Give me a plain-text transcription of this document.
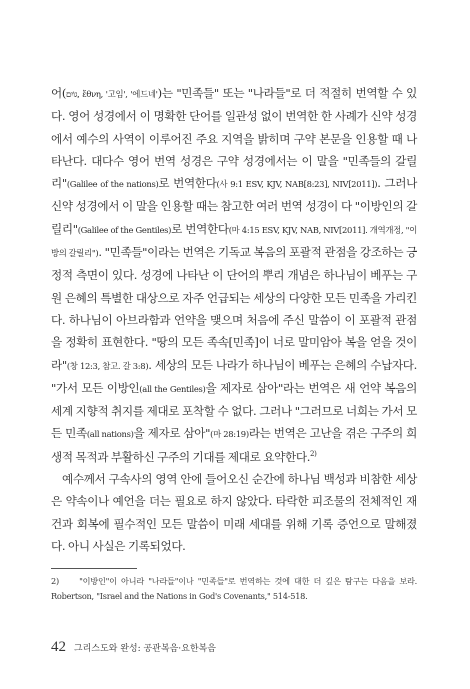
어(גוֹיִם, ἔθνη, '고임', '에드네')는 "민족들" 또는 "나라들"로 더 적절히 번역할 수 있다. 영어 성경에서 이 명확한 단어를 일관성 없이 번역한 한 사례가 신약 성경에서 예수의 사역이 이루어진 주요 지역을 밝히며 구약 본문을 인용할 때 나타난다. 대다수 영어 번역 성경은 구약 성경에서는 이 말을 "민족들의 갈릴리"(Galilee of the nations)로 번역한다(사 9:1 ESV, KJV, NAB[8:23], NIV[2011]). 그러나 신약 성경에서 이 말을 인용할 때는 참고한 여러 번역 성경이 다 "이방인의 갈릴리"(Galilee of the Gentiles)로 번역한다(마 4:15 ESV, KJV, NAB, NIV[2011]. 개역개정, "이방의 갈릴리"). "민족들"이라는 번역은 기독교 복음의 포괄적 관점을 강조하는 긍정적 측면이 있다. 성경에 나타난 이 단어의 뿌리 개념은 하나님이 베푸는 구원 은혜의 특별한 대상으로 자주 언급되는 세상의 다양한 모든 민족을 가리킨다. 하나님이 아브라함과 언약을 맺으며 처음에 주신 말씀이 이 포괄적 관점을 정확히 표현한다. "땅의 모든 족속[민족]이 너로 말미암아 복을 얻을 것이라"(창 12:3, 참고. 갈 3:8). 세상의 모든 나라가 하나님이 베푸는 은혜의 수납자다. "가서 모든 이방인(all the Gentiles)을 제자로 삼아"라는 번역은 새 언약 복음의 세계 지향적 취지를 제대로 포착할 수 없다. 그러나 "그러므로 너희는 가서 모든 민족(all nations)을 제자로 삼아"(마 28:19)라는 번역은 고난을 겪은 구주의 희생적 목적과 부활하신 구주의 기대를 제대로 요약한다.$^{2)}$

예수께서 구속사의 영역 안에 들어오신 순간에 하나님 백성과 비참한 세상은 약속이나 예언을 더는 필요로 하지 않았다. 타락한 피조물의 전체적인 재건과 회복에 필수적인 모든 말씀이 미래 세대를 위해 기록 증언으로 말해졌다. 아니 사실은 기록되었다.

2) "이방인"이 아니라 "나라들"이나 "민족들"로 번역하는 것에 대한 더 깊은 탐구는 다음을 보라. Robertson, "Israel and the Nations in God's Covenants," 514-518.
42 그리스도와 완성: 공관복음·요한복음
